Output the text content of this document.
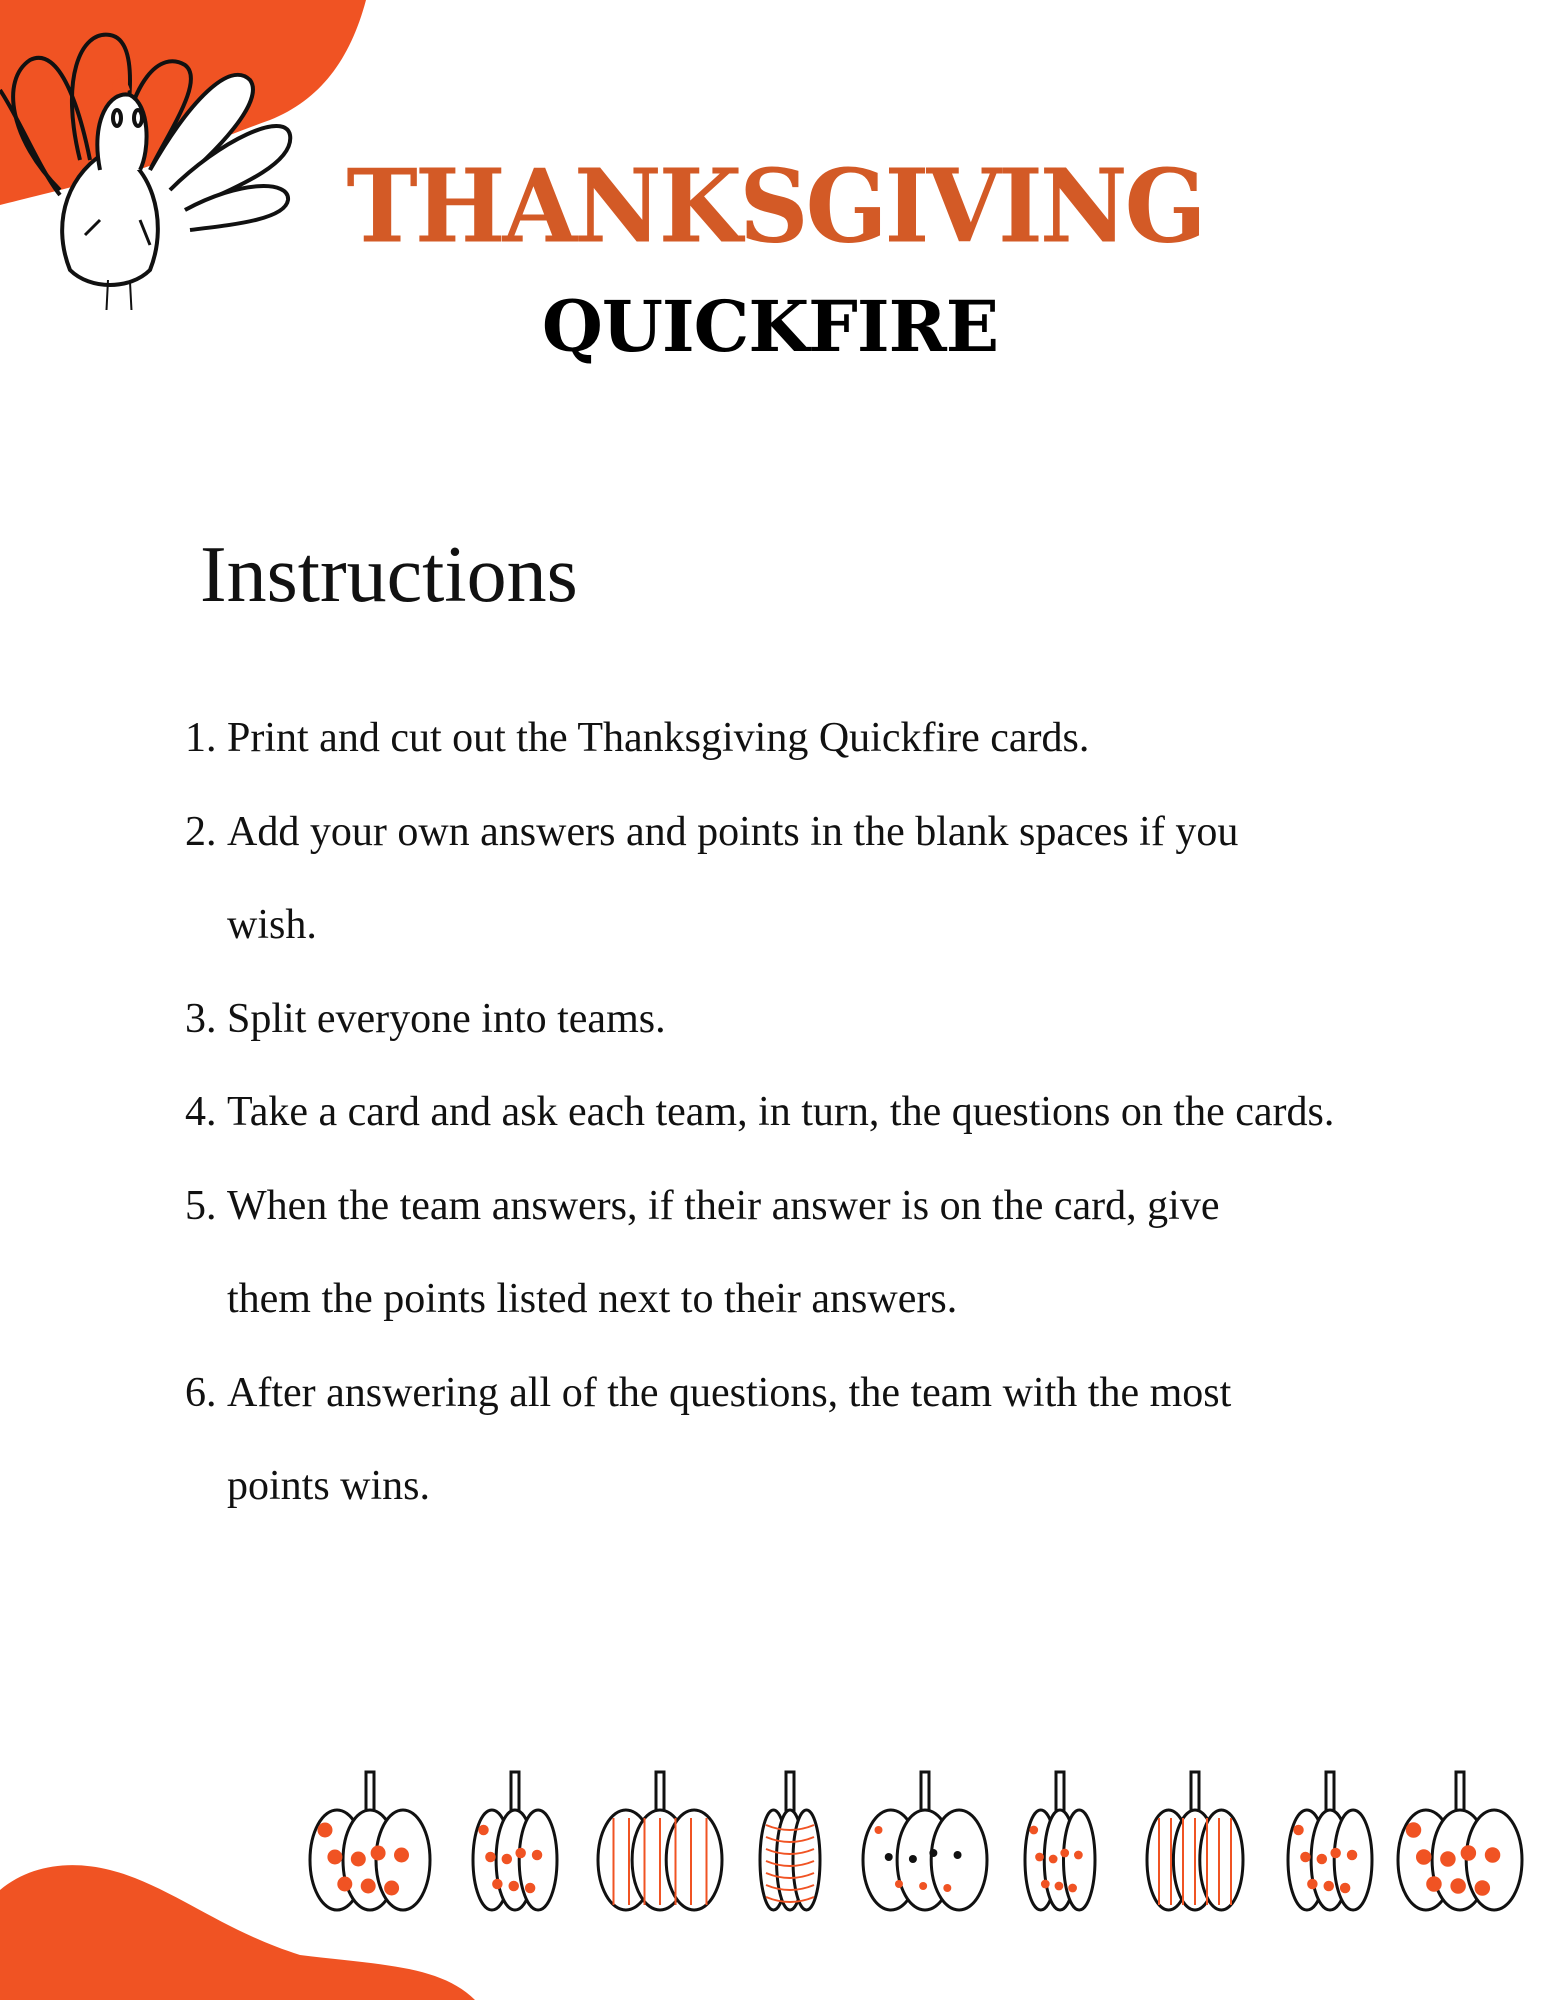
THANKSGIVING
QUICKFIRE
Instructions
1. Print and cut out the Thanksgiving Quickfire cards.
2. Add your own answers and points in the blank spaces if you wish.
3. Split everyone into teams.
4. Take a card and ask each team, in turn, the questions on the cards.
5. When the team answers, if their answer is on the card, give them the points listed next to their answers.
6. After answering all of the questions, the team with the most points wins.
